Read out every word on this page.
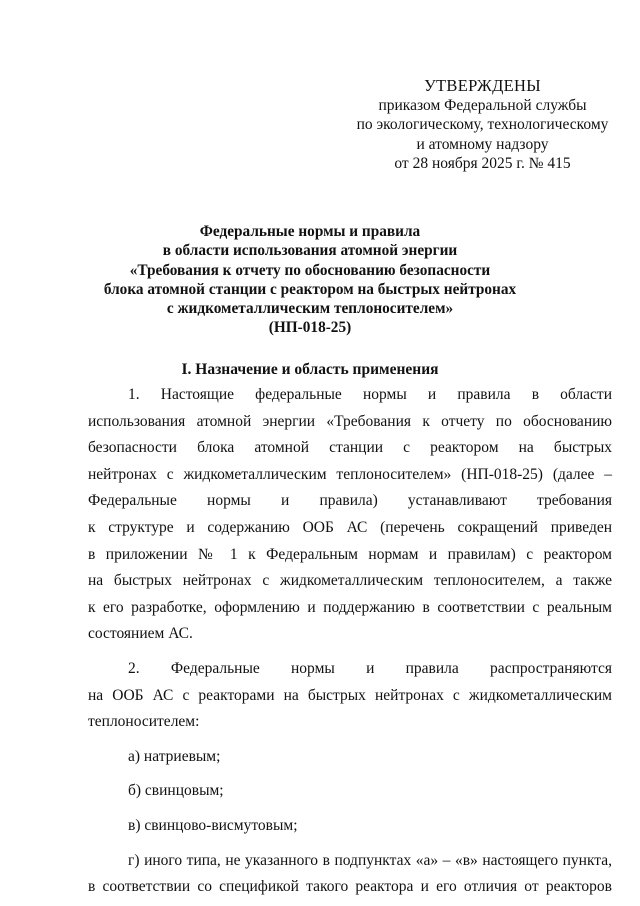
УТВЕРЖДЕНЫ
приказом Федеральной службы
по экологическому, технологическому
и атомному надзору
от 28 ноября 2025 г. № 415
Федеральные нормы и правила
в области использования атомной энергии
«Требования к отчету по обоснованию безопасности
блока атомной станции с реактором на быстрых нейтронах
с жидкометаллическим теплоносителем»
(НП-018-25)
I. Назначение и область применения
1. Настоящие федеральные нормы и правила в области
использования атомной энергии «Требования к отчету по обоснованию
безопасности блока атомной станции с реактором на быстрых
нейтронах с жидкометаллическим теплоносителем» (НП-018-25) (далее –
Федеральные нормы и правила) устанавливают требования
к структуре и содержанию ООБ АС (перечень сокращений приведен
в приложении № 1 к Федеральным нормам и правилам) с реактором
на быстрых нейтронах с жидкометаллическим теплоносителем, а также
к его разработке, оформлению и поддержанию в соответствии с реальным
состоянием АС.
2. Федеральные нормы и правила распространяются
на ООБ АС с реакторами на быстрых нейтронах с жидкометаллическим
теплоносителем:
а) натриевым;
б) свинцовым;
в) свинцово-висмутовым;
г) иного типа, не указанного в подпунктах «а» – «в» настоящего пункта,
в соответствии со спецификой такого реактора и его отличия от реакторов
